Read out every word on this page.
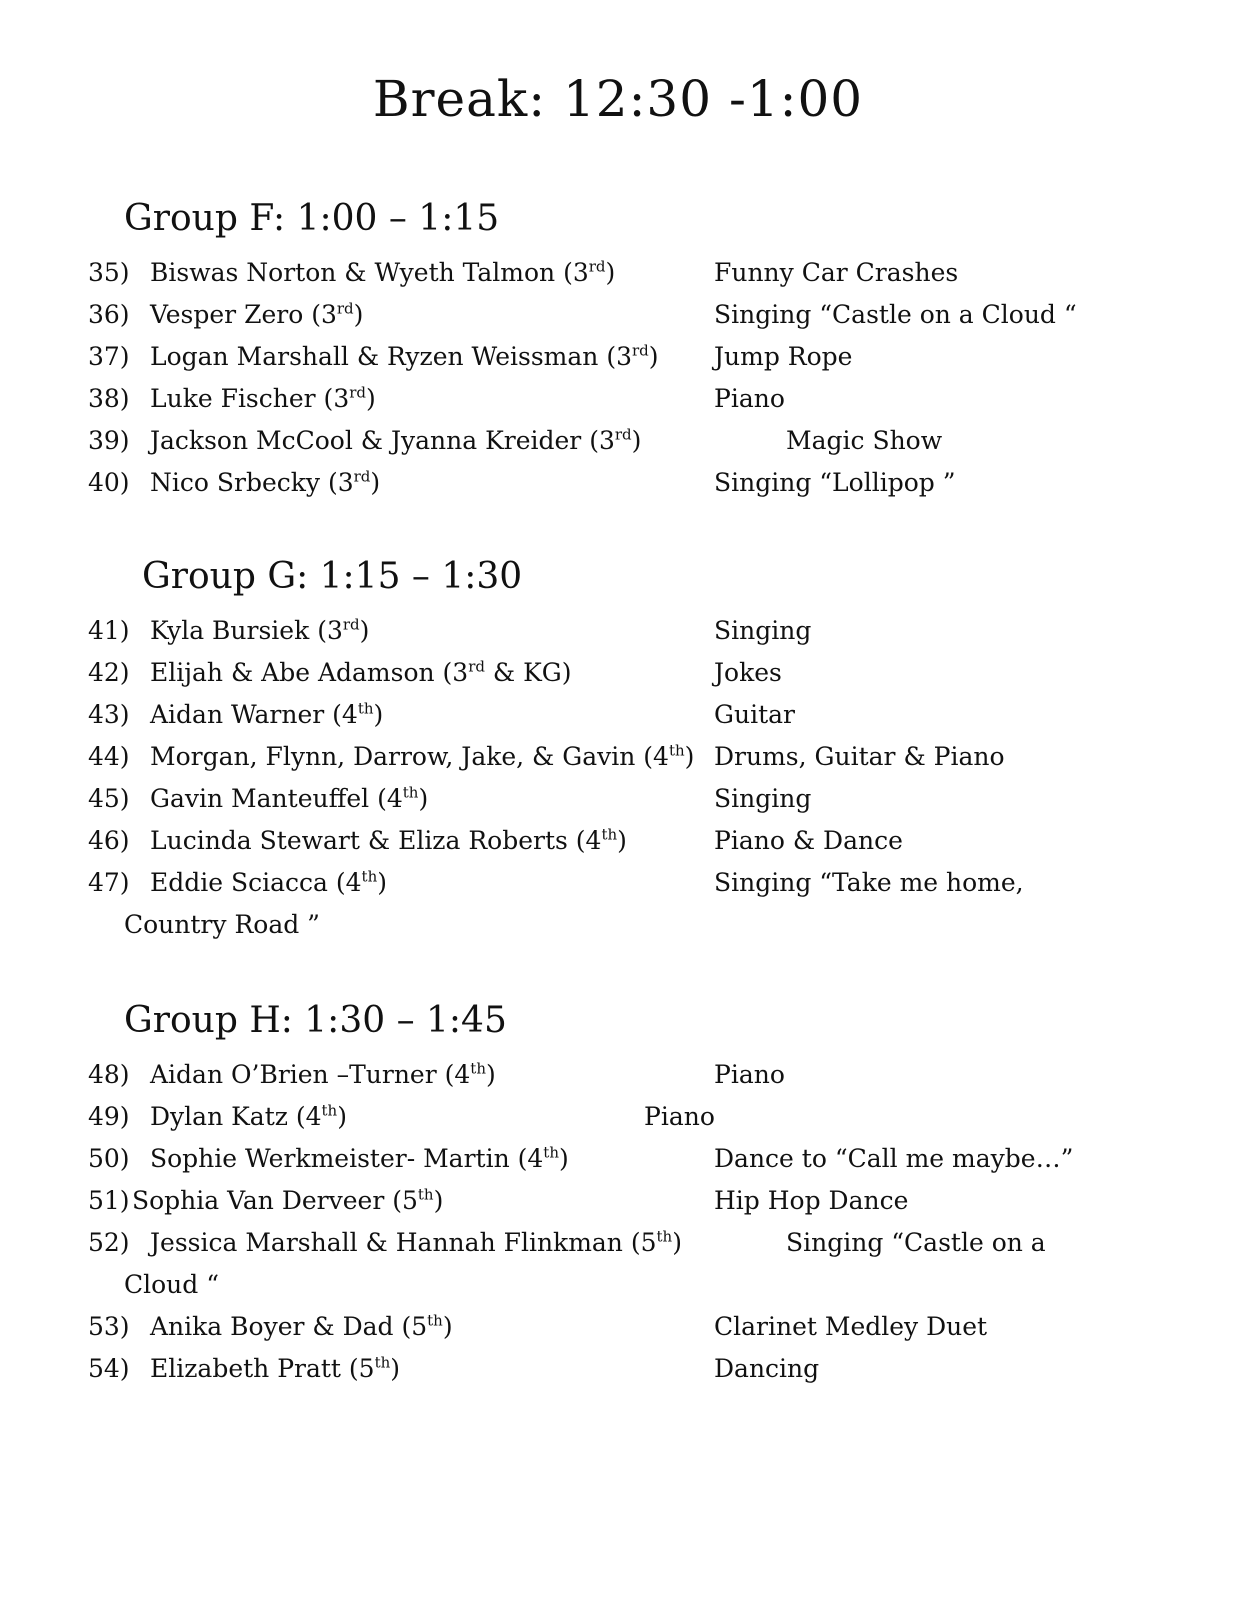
Break: 12:30 -1:00
Group F: 1:00 – 1:15
35) Biswas Norton & Wyeth Talmon (3rd)	Funny Car Crashes
36) Vesper Zero (3rd)	Singing “Castle on a Cloud “
37) Logan Marshall & Ryzen Weissman (3rd) Jump Rope
38) Luke Fischer (3rd)	Piano
39) Jackson McCool & Jyanna Kreider (3rd)	Magic Show
40) Nico Srbecky (3rd)	Singing “Lollipop ”
Group G: 1:15 – 1:30
41) Kyla Bursiek (3rd)	Singing
42) Elijah & Abe Adamson (3rd & KG)	Jokes
43) Aidan Warner (4th)	Guitar
44) Morgan, Flynn, Darrow, Jake, & Gavin (4th) Drums, Guitar & Piano
45) Gavin Manteuffel (4th)	Singing
46) Lucinda Stewart & Eliza Roberts (4th)	Piano & Dance
47) Eddie Sciacca (4th)	Singing “Take me home,
Country Road ”
Group H: 1:30 – 1:45
48) Aidan O’Brien –Turner (4th)	Piano
49) Dylan Katz (4th)	Piano
50) Sophie Werkmeister- Martin (4th)	Dance to “Call me maybe…”
51) Sophia Van Derveer (5th)	Hip Hop Dance
52) Jessica Marshall & Hannah Flinkman (5th)	Singing “Castle on a
Cloud “
53) Anika Boyer & Dad (5th)	Clarinet Medley Duet
54) Elizabeth Pratt (5th)	Dancing
